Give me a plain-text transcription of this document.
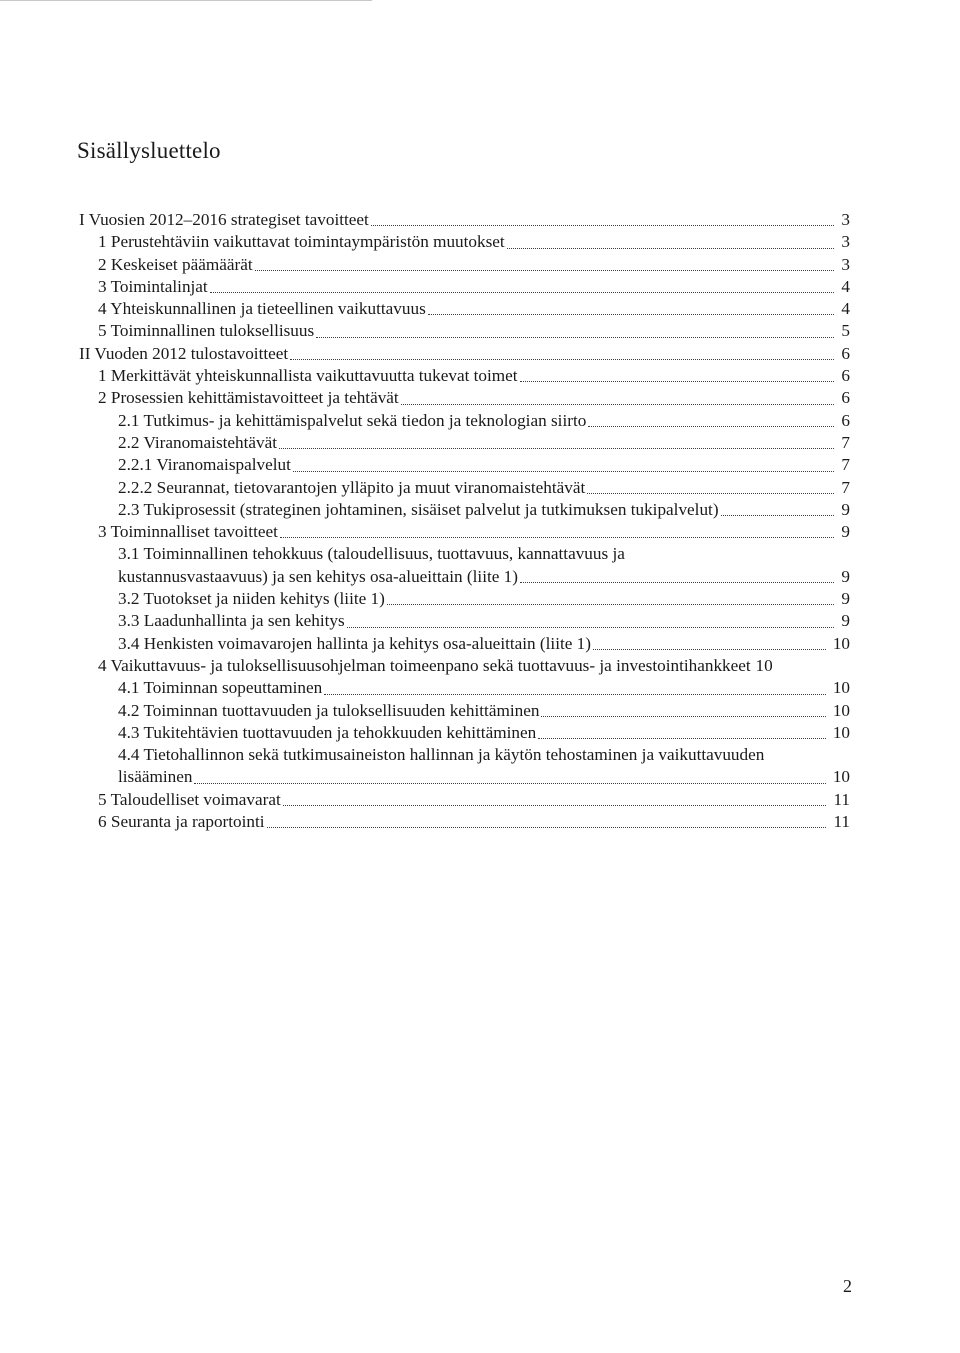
Sisällysluettelo
I Vuosien 2012–2016 strategiset tavoitteet	3
1 Perustehtäviin vaikuttavat toimintaympäristön muutokset	3
2 Keskeiset päämäärät	3
3 Toimintalinjat	4
4 Yhteiskunnallinen ja tieteellinen vaikuttavuus	4
5 Toiminnallinen tuloksellisuus	5
II Vuoden 2012 tulostavoitteet	6
1 Merkittävät yhteiskunnallista vaikuttavuutta tukevat toimet	6
2 Prosessien kehittämistavoitteet ja tehtävät	6
2.1 Tutkimus- ja kehittämispalvelut sekä tiedon ja teknologian siirto	6
2.2 Viranomaistehtävät	7
2.2.1 Viranomaispalvelut	7
2.2.2 Seurannat, tietovarantojen ylläpito ja muut viranomaistehtävät	7
2.3 Tukiprosessit (strateginen johtaminen, sisäiset palvelut ja tutkimuksen tukipalvelut)	9
3 Toiminnalliset tavoitteet	9
3.1 Toiminnallinen tehokkuus (taloudellisuus, tuottavuus, kannattavuus ja
kustannusvastaavuus) ja sen kehitys osa-alueittain (liite 1)	9
3.2 Tuotokset ja niiden kehitys (liite 1)	9
3.3 Laadunhallinta ja sen kehitys	9
3.4 Henkisten voimavarojen hallinta ja kehitys osa-alueittain (liite 1)	10
4 Vaikuttavuus- ja tuloksellisuusohjelman toimeenpano sekä tuottavuus- ja investointihankkeet 10
4.1 Toiminnan sopeuttaminen	10
4.2 Toiminnan tuottavuuden ja tuloksellisuuden kehittäminen	10
4.3 Tukitehtävien tuottavuuden ja tehokkuuden kehittäminen	10
4.4 Tietohallinnon sekä tutkimusaineiston hallinnan ja käytön tehostaminen ja vaikuttavuuden
lisääminen	10
5 Taloudelliset voimavarat	11
6 Seuranta ja raportointi	11
2
